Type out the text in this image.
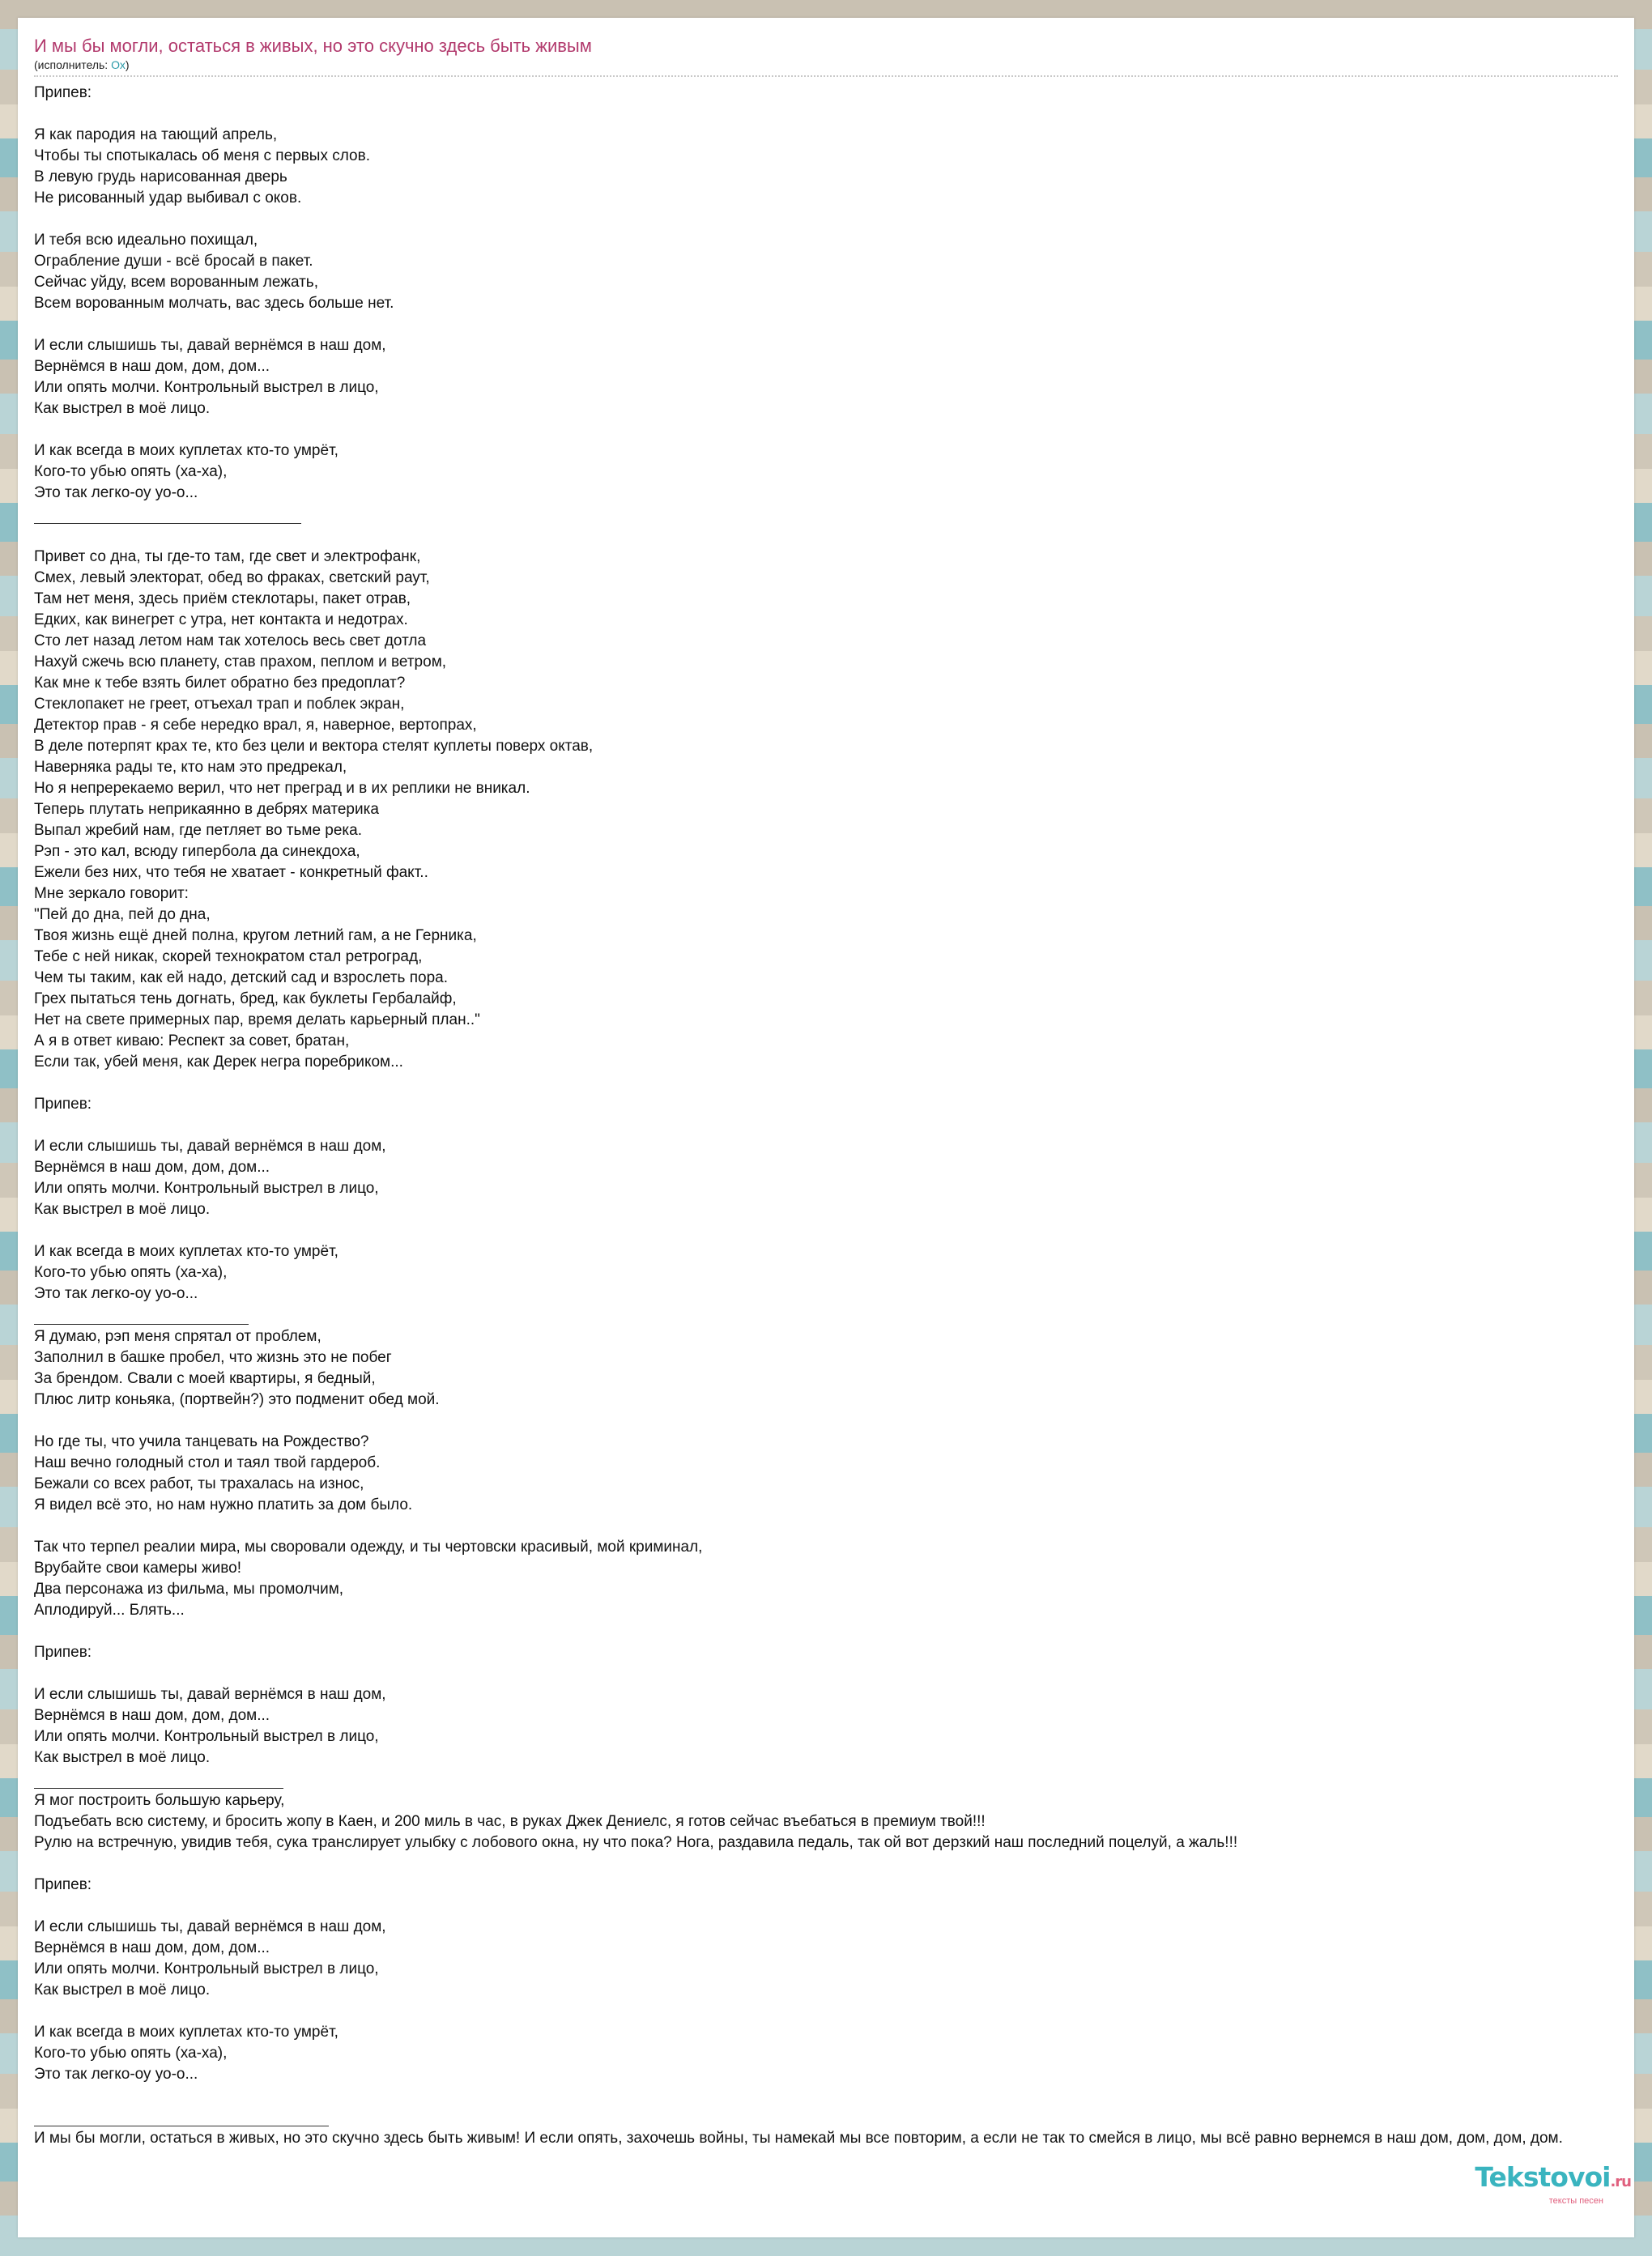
И мы бы могли, остаться в живых, но это скучно здесь быть живым
(исполнитель: Ох)
Припев:
Я как пародия на тающий апрель,
Чтобы ты спотыкалась об меня с первых слов.
В левую грудь нарисованная дверь
Не рисованный удар выбивал с оков.
И тебя всю идеально похищал,
Ограбление души - всё бросай в пакет.
Сейчас уйду, всем ворованным лежать,
Всем ворованным молчать, вас здесь больше нет.
И если слышишь ты, давай вернёмся в наш дом,
Вернёмся в наш дом, дом, дом...
Или опять молчи. Контрольный выстрел в лицо,
Как выстрел в моё лицо.
И как всегда в моих куплетах кто-то умрёт,
Кого-то убью опять (ха-ха),
Это так легко-оу уо-о...
Привет со дна, ты где-то там, где свет и электрофанк,
Смех, левый электорат, обед во фраках, светский раут,
Там нет меня, здесь приём стеклотары, пакет отрав,
Едких, как винегрет с утра, нет контакта и недотрах.
Сто лет назад летом нам так хотелось весь свет дотла
Нахуй сжечь всю планету, став прахом, пеплом и ветром,
Как мне к тебе взять билет обратно без предоплат?
Стеклопакет не греет, отъехал трап и поблек экран,
Детектор прав - я себе нередко врал, я, наверное, вертопрах,
В деле потерпят крах те, кто без цели и вектора стелят куплеты поверх октав,
Наверняка рады те, кто нам это предрекал,
Но я непререкаемо верил, что нет преград и в их реплики не вникал.
Теперь плутать неприкаянно в дебрях материка
Выпал жребий нам, где петляет во тьме река.
Рэп - это кал, всюду гипербола да синекдоха,
Ежели без них, что тебя не хватает - конкретный факт..
Мне зеркало говорит:
"Пей до дна, пей до дна,
Твоя жизнь ещё дней полна, кругом летний гам, а не Герника,
Тебе с ней никак, скорей технократом стал ретроград,
Чем ты таким, как ей надо, детский сад и взрослеть пора.
Грех пытаться тень догнать, бред, как буклеты Гербалайф,
Нет на свете примерных пар, время делать карьерный план.."
А я в ответ киваю: Респект за совет, братан,
Если так, убей меня, как Дерек негра поребриком...
Припев:
И если слышишь ты, давай вернёмся в наш дом,
Вернёмся в наш дом, дом, дом...
Или опять молчи. Контрольный выстрел в лицо,
Как выстрел в моё лицо.
И как всегда в моих куплетах кто-то умрёт,
Кого-то убью опять (ха-ха),
Это так легко-оу уо-о...
Я думаю, рэп меня спрятал от проблем,
Заполнил в башке пробел, что жизнь это не побег
За брендом. Свали с моей квартиры, я бедный,
Плюс литр коньяка, (портвейн?) это подменит обед мой.
Но где ты, что учила танцевать на Рождество?
Наш вечно голодный стол и таял твой гардероб.
Бежали со всех работ, ты трахалась на износ,
Я видел всё это, но нам нужно платить за дом было.
Так что терпел реалии мира, мы своровали одежду, и ты чертовски красивый, мой криминал,
Врубайте свои камеры живо!
Два персонажа из фильма, мы промолчим,
Аплодируй... Блять...
Припев:
И если слышишь ты, давай вернёмся в наш дом,
Вернёмся в наш дом, дом, дом...
Или опять молчи. Контрольный выстрел в лицо,
Как выстрел в моё лицо.
Я мог построить большую карьеру,
Подъебать всю систему, и бросить жопу в Каен, и 200 миль в час, в руках Джек Дениелс, я готов сейчас въебаться в премиум твой!!!
Рулю на встречную, увидив тебя, сука транслирует улыбку с лобового окна, ну что пока? Нога, раздавила педаль, так ой вот дерзкий наш последний поцелуй, а жаль!!!
Припев:
И если слышишь ты, давай вернёмся в наш дом,
Вернёмся в наш дом, дом, дом...
Или опять молчи. Контрольный выстрел в лицо,
Как выстрел в моё лицо.
И как всегда в моих куплетах кто-то умрёт,
Кого-то убью опять (ха-ха),
Это так легко-оу уо-о...
И мы бы могли, остаться в живых, но это скучно здесь быть живым! И если опять, захочешь войны, ты намекай мы все повторим, а если не так то смейся в лицо, мы всё равно вернемся в наш дом, дом, дом, дом.
Tekstovoi.ru
тексты песен
